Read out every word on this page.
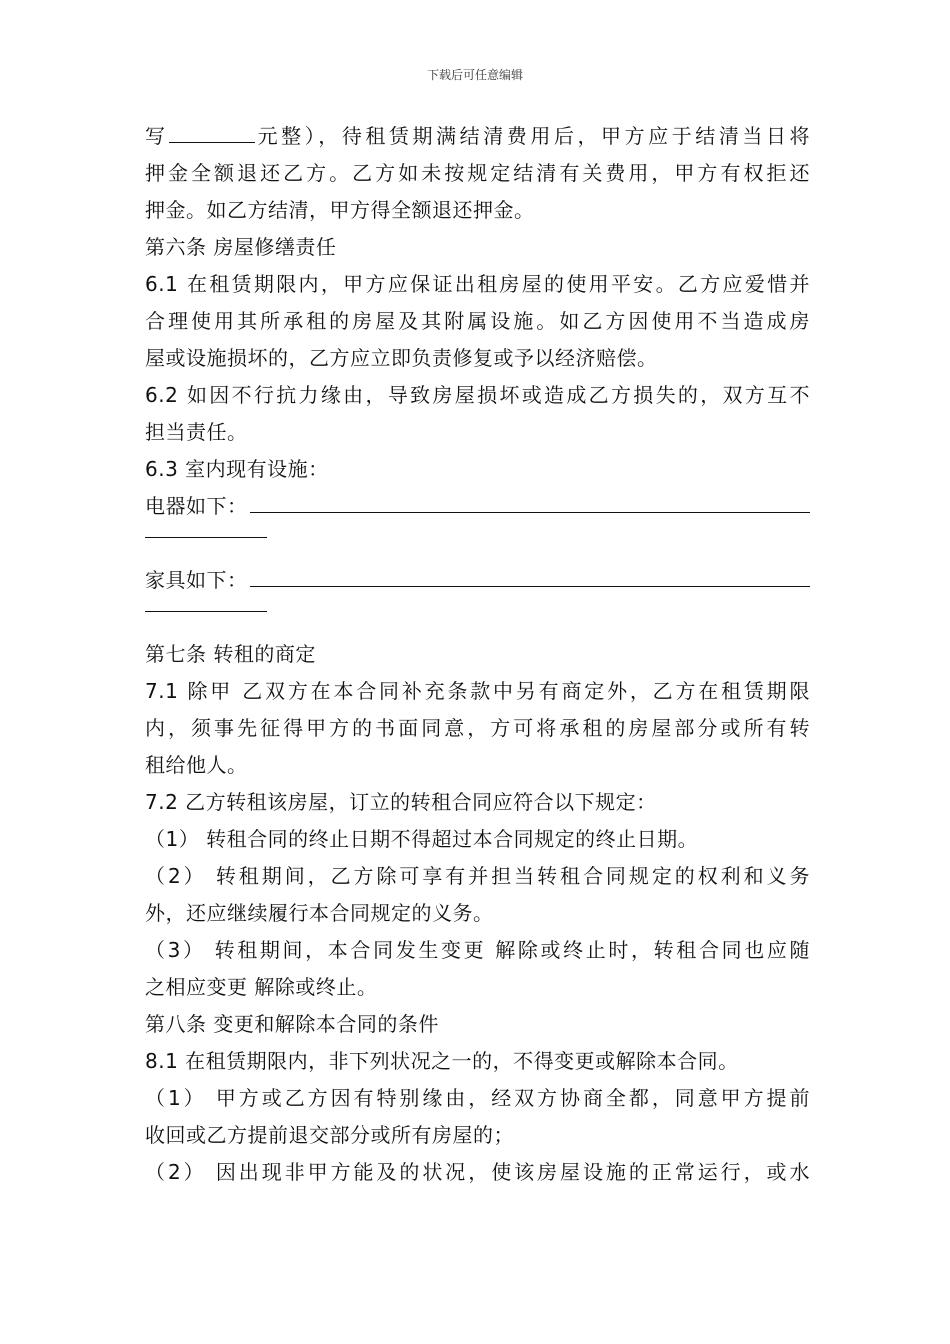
下载后可任意编辑
写	元整），待租赁期满结清费用后，甲方应于结清当日将
押金全额退还乙方。乙方如未按规定结清有关费用，甲方有权拒还
押金。如乙方结清，甲方得全额退还押金。
第六条 房屋修缮责任
6.1 在租赁期限内，甲方应保证出租房屋的使用平安。乙方应爱惜并
合理使用其所承租的房屋及其附属设施。如乙方因使用不当造成房
屋或设施损坏的，乙方应立即负责修复或予以经济赔偿。
6.2 如因不行抗力缘由，导致房屋损坏或造成乙方损失的，双方互不
担当责任。
6.3 室内现有设施：
电器如下：
家具如下：
第七条 转租的商定
7.1 除甲 乙双方在本合同补充条款中另有商定外，乙方在租赁期限
内，须事先征得甲方的书面同意，方可将承租的房屋部分或所有转
租给他人。
7.2 乙方转租该房屋，订立的转租合同应符合以下规定：
（1） 转租合同的终止日期不得超过本合同规定的终止日期。
（2） 转租期间，乙方除可享有并担当转租合同规定的权利和义务
外，还应继续履行本合同规定的义务。
（3） 转租期间，本合同发生变更 解除或终止时，转租合同也应随
之相应变更 解除或终止。
第八条 变更和解除本合同的条件
8.1 在租赁期限内，非下列状况之一的，不得变更或解除本合同。
（1） 甲方或乙方因有特别缘由，经双方协商全都，同意甲方提前
收回或乙方提前退交部分或所有房屋的；
（2） 因出现非甲方能及的状况，使该房屋设施的正常运行，或水
